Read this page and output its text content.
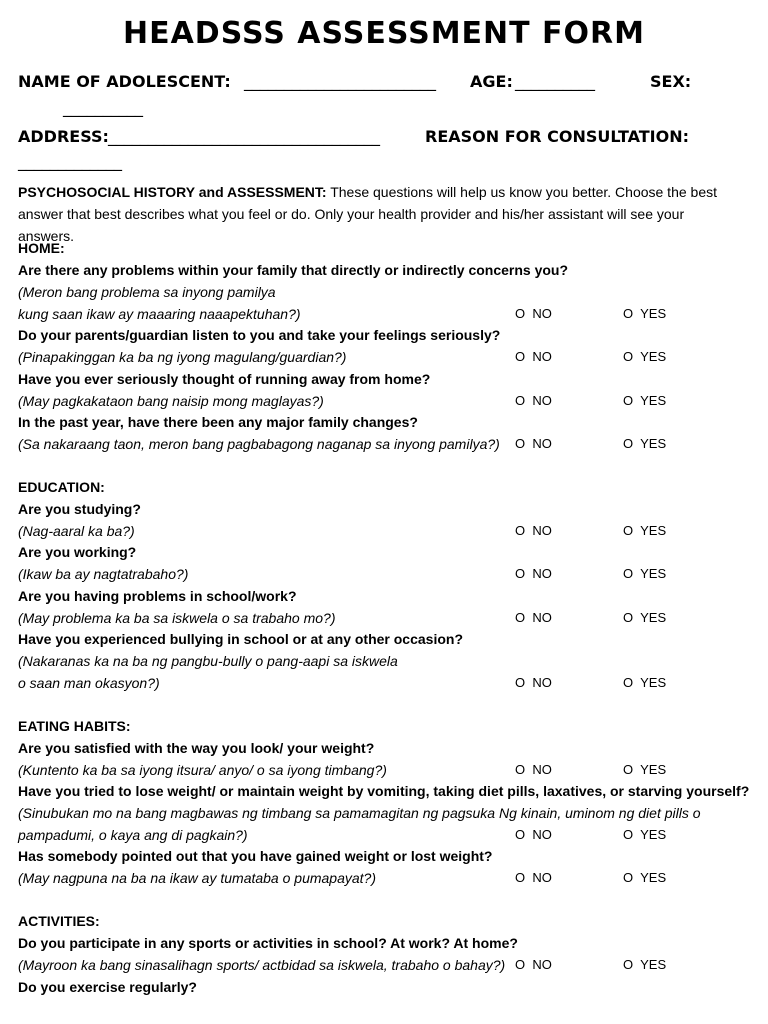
HEADSSS ASSESSMENT FORM
NAME OF ADOLESCENT: ________________________ AGE: __________	SEX:
__________
ADDRESS: __________________________________	REASON FOR CONSULTATION:
_____________
PSYCHOSOCIAL HISTORY and ASSESSMENT: These questions will help us know you better. Choose the best answer that best describes what you feel or do. Only your health provider and his/her assistant will see your answers.
HOME:
Are there any problems within your family that directly or indirectly concerns you?
(Meron bang problema sa inyong pamilya
kung saan ikaw ay maaaring naaapektuhan?)	O  NO	O  YES
Do your parents/guardian listen to you and take your feelings seriously?
(Pinapakinggan ka ba ng iyong magulang/guardian?)	O  NO	O  YES
Have you ever seriously thought of running away from home?
(May pagkakataon bang naisip mong maglayas?)	O  NO	O  YES
In the past year, have there been any major family changes?
(Sa nakaraang taon, meron bang pagbabagong naganap sa inyong pamilya?) O  NO	O  YES
EDUCATION:
Are you studying?
(Nag-aaral ka ba?)	O  NO	O  YES
Are you working?
(Ikaw ba ay nagtatrabaho?)	O  NO	O  YES
Are you having problems in school/work?
(May problema ka ba sa iskwela o sa trabaho mo?)	O  NO	O  YES
Have you experienced bullying in school or at any other occasion?
(Nakaranas ka na ba ng pangbu-bully o pang-aapi sa iskwela
o saan man okasyon?)	O  NO	O  YES
EATING HABITS:
Are you satisfied with the way you look/ your weight?
(Kuntento ka ba sa iyong itsura/ anyo/ o sa iyong timbang?)	O  NO	O  YES
Have you tried to lose weight/ or maintain weight by vomiting, taking diet pills, laxatives, or starving yourself?
(Sinubukan mo na bang magbawas ng timbang sa pamamagitan ng pagsuka Ng kinain, uminom ng diet pills o
pampadumi, o kaya ang di pagkain?)	O  NO	O  YES
Has somebody pointed out that you have gained weight or lost weight?
(May nagpuna na ba na ikaw ay tumataba o pumapayat?)	O  NO	O  YES
ACTIVITIES:
Do you participate in any sports or activities in school? At work? At home?
(Mayroon ka bang sinasalihagn sports/ actbidad sa iskwela, trabaho o bahay?) O  NO	O  YES
Do you exercise regularly?
